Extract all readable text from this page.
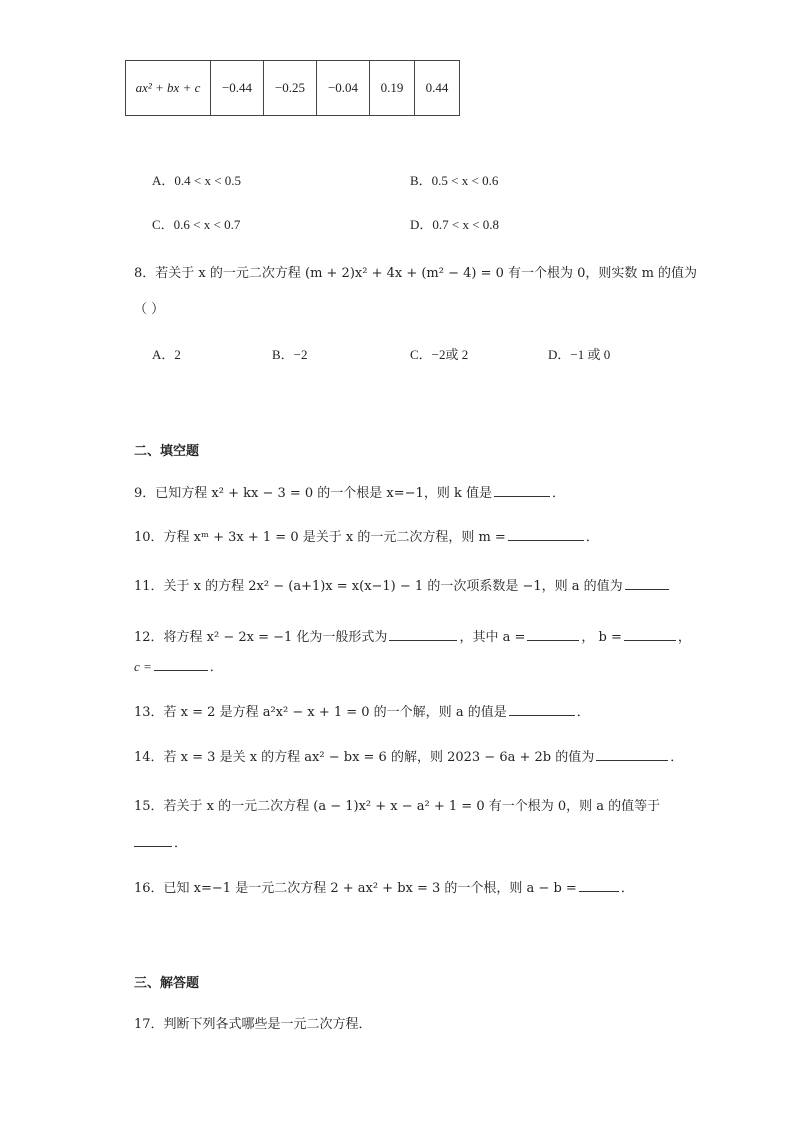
ax² + bx + c	−0.44	−0.25	−0.04	0.19	0.44
A．0.4 < x < 0.5	B．0.5 < x < 0.6
C．0.6 < x < 0.7	D．0.7 < x < 0.8
8．若关于 x 的一元二次方程 (m + 2)x² + 4x + (m² − 4) = 0 有一个根为 0，则实数 m 的值为
（ ）
A．2	B．−2	C．−2或 2	D．−1 或 0
二、填空题
9．已知方程 x² + kx − 3 = 0 的一个根是 x=−1，则 k 值是	．
10．方程 xᵐ + 3x + 1 = 0 是关于 x 的一元二次方程，则 m =	．
11．关于 x 的方程 2x² − (a+1)x = x(x−1) − 1 的一次项系数是 −1，则 a 的值为
12．将方程 x² − 2x = −1 化为一般形式为	，其中 a =	， b =	，
c =	．
13．若 x = 2 是方程 a²x² − x + 1 = 0 的一个解，则 a 的值是	．
14．若 x = 3 是关 x 的方程 ax² − bx = 6 的解，则 2023 − 6a + 2b 的值为	．
15．若关于 x 的一元二次方程 (a − 1)x² + x − a² + 1 = 0 有一个根为 0，则 a 的值等于
．
16．已知 x=−1 是一元二次方程 2 + ax² + bx = 3 的一个根，则 a − b =	．
三、解答题
17．判断下列各式哪些是一元二次方程．
